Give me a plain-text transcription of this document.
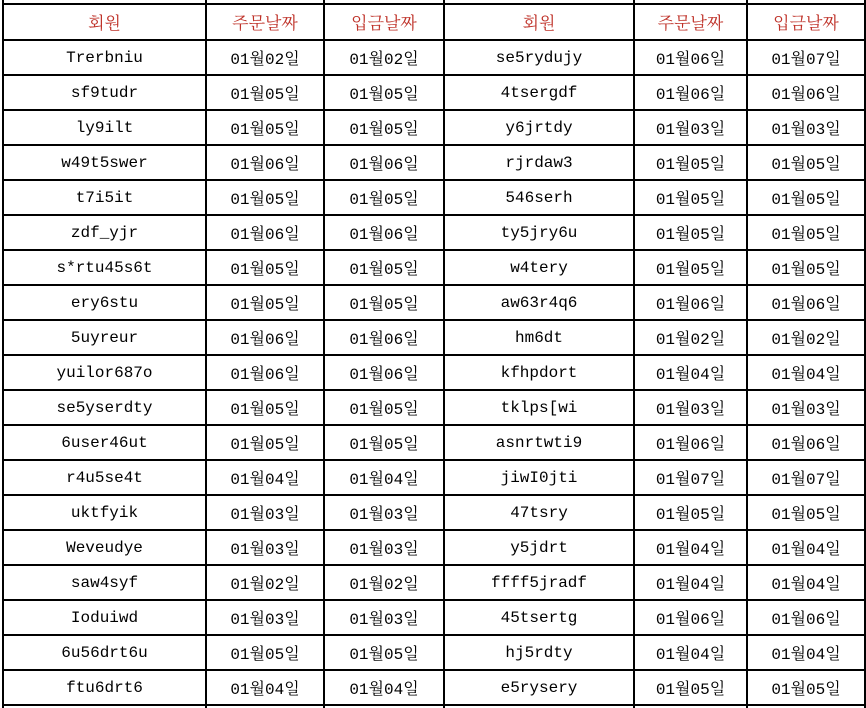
회원	주문날짜	입금날짜	회원	주문날짜	입금날짜
Trerbniu	01월02일	01월02일	se5rydujy	01월06일	01월07일
sf9tudr	01월05일	01월05일	4tsergdf	01월06일	01월06일
ly9ilt	01월05일	01월05일	y6jrtdy	01월03일	01월03일
w49t5swer	01월06일	01월06일	rjrdaw3	01월05일	01월05일
t7i5it	01월05일	01월05일	546serh	01월05일	01월05일
zdf_yjr	01월06일	01월06일	ty5jry6u	01월05일	01월05일
s*rtu45s6t	01월05일	01월05일	w4tery	01월05일	01월05일
ery6stu	01월05일	01월05일	aw63r4q6	01월06일	01월06일
5uyreur	01월06일	01월06일	hm6dt	01월02일	01월02일
yuilor687o	01월06일	01월06일	kfhpdort	01월04일	01월04일
se5yserdty	01월05일	01월05일	tklps[wi	01월03일	01월03일
6user46ut	01월05일	01월05일	asnrtwti9	01월06일	01월06일
r4u5se4t	01월04일	01월04일	jiwI0jti	01월07일	01월07일
uktfyik	01월03일	01월03일	47tsry	01월05일	01월05일
Weveudye	01월03일	01월03일	y5jdrt	01월04일	01월04일
saw4syf	01월02일	01월02일	ffff5jradf	01월04일	01월04일
Ioduiwd	01월03일	01월03일	45tsertg	01월06일	01월06일
6u56drt6u	01월05일	01월05일	hj5rdty	01월04일	01월04일
ftu6drt6	01월04일	01월04일	e5rysery	01월05일	01월05일
